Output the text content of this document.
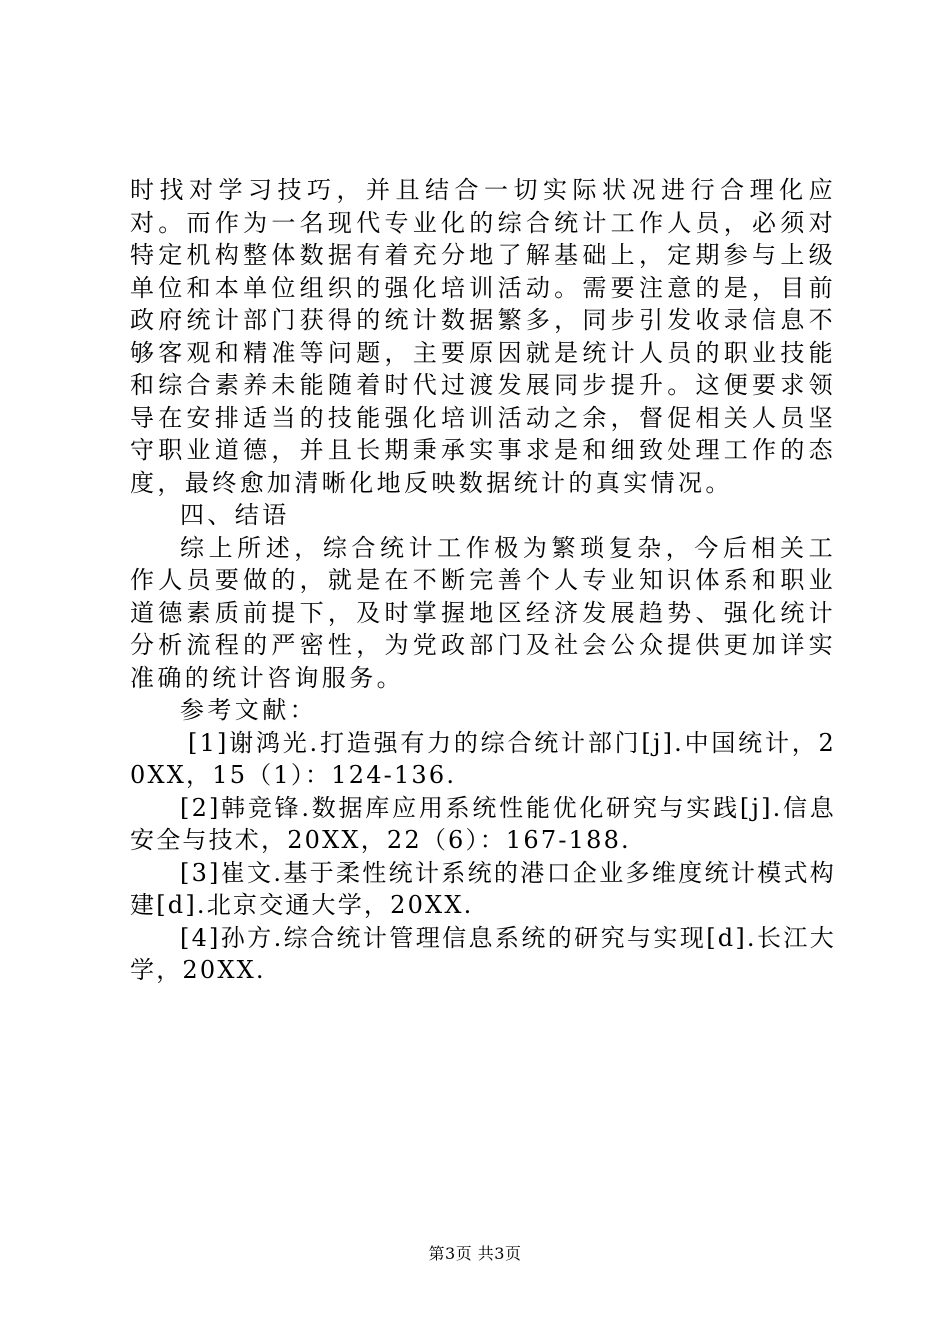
时找对学习技巧，并且结合一切实际状况进行合理化应对。而作为一名现代专业化的综合统计工作人员，必须对特定机构整体数据有着充分地了解基础上，定期参与上级单位和本单位组织的强化培训活动。需要注意的是，目前政府统计部门获得的统计数据繁多，同步引发收录信息不够客观和精准等问题，主要原因就是统计人员的职业技能和综合素养未能随着时代过渡发展同步提升。这便要求领导在安排适当的技能强化培训活动之余，督促相关人员坚守职业道德，并且长期秉承实事求是和细致处理工作的态度，最终愈加清晰化地反映数据统计的真实情况。

四、结语

综上所述，综合统计工作极为繁琐复杂，今后相关工作人员要做的，就是在不断完善个人专业知识体系和职业道德素质前提下，及时掌握地区经济发展趋势、强化统计分析流程的严密性，为党政部门及社会公众提供更加详实准确的统计咨询服务。

参考文献：

[1]谢鸿光.打造强有力的综合统计部门[j].中国统计，20XX，15（1）：124-136.

[2]韩竞锋.数据库应用系统性能优化研究与实践[j].信息安全与技术，20XX，22（6）：167-188.

[3]崔文.基于柔性统计系统的港口企业多维度统计模式构建[d].北京交通大学，20XX.

[4]孙方.综合统计管理信息系统的研究与实现[d].长江大学，20XX.

第3页 共3页
